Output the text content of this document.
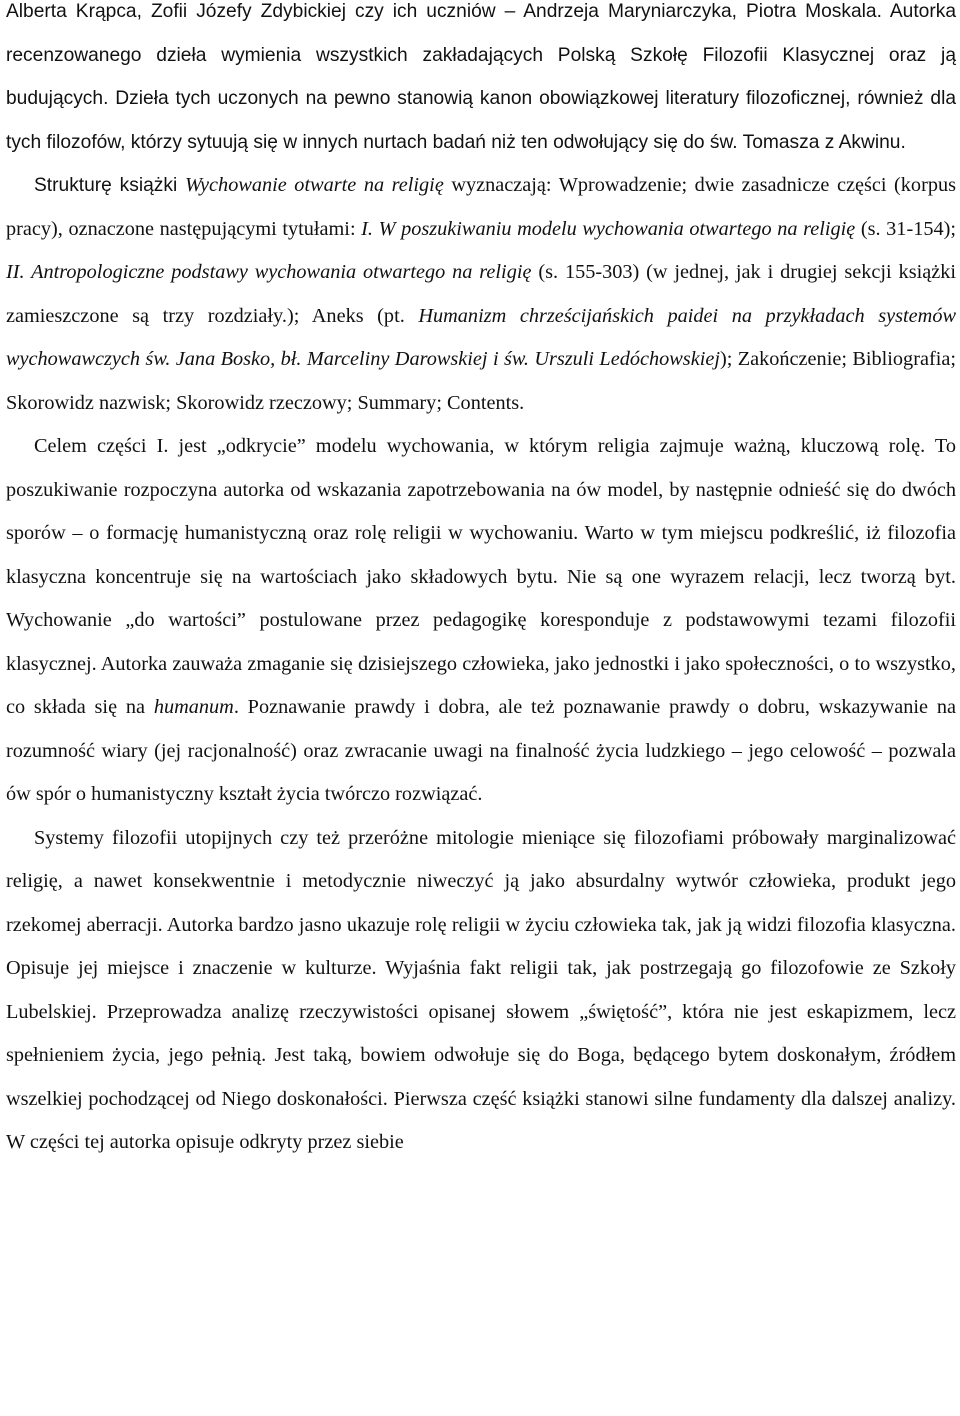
Alberta Krąpca, Zofii Józefy Zdybickiej czy ich uczniów – Andrzeja Maryniarczyka, Piotra Moskala. Autorka recenzowanego dzieła wymienia wszystkich zakładających Polską Szkołę Filozofii Klasycznej oraz ją budujących. Dzieła tych uczonych na pewno stanowią kanon obowiązkowej literatury filozoficznej, również dla tych filozofów, którzy sytuują się w innych nurtach badań niż ten odwołujący się do św. Tomasza z Akwinu.

Strukturę książki Wychowanie otwarte na religię wyznaczają: Wprowadzenie; dwie zasadnicze części (korpus pracy), oznaczone następującymi tytułami: I. W poszukiwaniu modelu wychowania otwartego na religię (s. 31-154); II. Antropologiczne podstawy wychowania otwartego na religię (s. 155-303) (w jednej, jak i drugiej sekcji książki zamieszczone są trzy rozdziały.); Aneks (pt. Humanizm chrześcijańskich paidei na przykładach systemów wychowawczych św. Jana Bosko, bł. Marceliny Darowskiej i św. Urszuli Ledóchowskiej); Zakończenie; Bibliografia; Skorowidz nazwisk; Skorowidz rzeczowy; Summary; Contents.

Celem części I. jest „odkrycie” modelu wychowania, w którym religia zajmuje ważną, kluczową rolę. To poszukiwanie rozpoczyna autorka od wskazania zapotrzebowania na ów model, by następnie odnieść się do dwóch sporów – o formację humanistyczną oraz rolę religii w wychowaniu. Warto w tym miejscu podkreślić, iż filozofia klasyczna koncentruje się na wartościach jako składowych bytu. Nie są one wyrazem relacji, lecz tworzą byt. Wychowanie „do wartości” postulowane przez pedagogikę koresponduje z podstawowymi tezami filozofii klasycznej. Autorka zauważa zmaganie się dzisiejszego człowieka, jako jednostki i jako społeczności, o to wszystko, co składa się na humanum. Poznawanie prawdy i dobra, ale też poznawanie prawdy o dobru, wskazywanie na rozumność wiary (jej racjonalność) oraz zwracanie uwagi na finalność życia ludzkiego – jego celowość – pozwala ów spór o humanistyczny kształt życia twórczo rozwiązać.

Systemy filozofii utopijnych czy też przeróżne mitologie mieniące się filozofiami próbowały marginalizować religię, a nawet konsekwentnie i metodycznie niweczyć ją jako absurdalny wytwór człowieka, produkt jego rzekomej aberracji. Autorka bardzo jasno ukazuje rolę religii w życiu człowieka tak, jak ją widzi filozofia klasyczna. Opisuje jej miejsce i znaczenie w kulturze. Wyjaśnia fakt religii tak, jak postrzegają go filozofowie ze Szkoły Lubelskiej. Przeprowadza analizę rzeczywistości opisanej słowem „świętość”, która nie jest eskapizmem, lecz spełnieniem życia, jego pełnią. Jest taką, bowiem odwołuje się do Boga, będącego bytem doskonałym, źródłem wszelkiej pochodzącej od Niego doskonałości. Pierwsza część książki stanowi silne fundamenty dla dalszej analizy. W części tej autorka opisuje odkryty przez siebie
